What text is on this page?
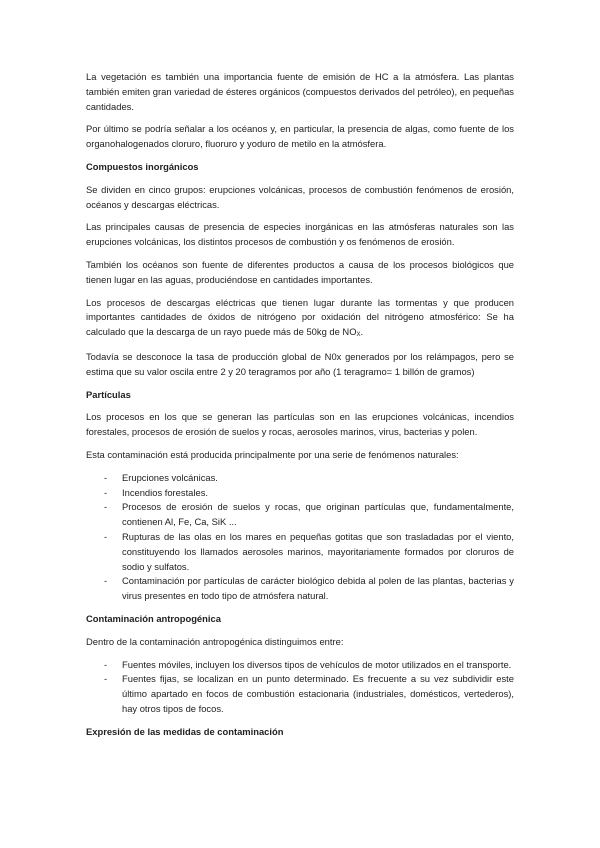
La vegetación es también una importancia fuente de emisión de HC a la atmósfera. Las plantas también emiten gran variedad de ésteres orgánicos (compuestos derivados del petróleo), en pequeñas cantidades.

Por último se podría señalar a los océanos y, en particular, la presencia de algas, como fuente de los organohalogenados cloruro, fluoruro y yoduro de metilo en la atmósfera.

Compuestos inorgánicos

Se dividen en cinco grupos: erupciones volcánicas, procesos de combustión fenómenos de erosión, océanos y descargas eléctricas.

Las principales causas de presencia de especies inorgánicas en las atmósferas naturales son las erupciones volcánicas, los distintos procesos de combustión y os fenómenos de erosión.

También los océanos son fuente de diferentes productos a causa de los procesos biológicos que tienen lugar en las aguas, produciéndose en cantidades importantes.

Los procesos de descargas eléctricas que tienen lugar durante las tormentas y que producen importantes cantidades de óxidos de nitrógeno por oxidación del nitrógeno atmosférico: Se ha calculado que la descarga de un rayo puede más de 50kg de $NO_X$.

Todavía se desconoce la tasa de producción global de N0x generados por los relámpagos, pero se estima que su valor oscila entre 2 y 20 teragramos por año (1 teragramo= 1 billón de gramos)

Partículas

Los procesos en los que se generan las partículas son en las erupciones volcánicas, incendios forestales, procesos de erosión de suelos y rocas, aerosoles marinos, virus, bacterias y polen.

Esta contaminación está producida principalmente por una serie de fenómenos naturales:

- Erupciones volcánicas.
- Incendios forestales.
- Procesos de erosión de suelos y rocas, que originan partículas que, fundamentalmente, contienen Al, Fe, Ca, SiK ...
- Rupturas de las olas en los mares en pequeñas gotitas que son trasladadas por el viento, constituyendo los llamados aerosoles marinos, mayoritariamente formados por cloruros de sodio y sulfatos.
- Contaminación por partículas de carácter biológico debida al polen de las plantas, bacterias y virus presentes en todo tipo de atmósfera natural.
Contaminación antropogénica

Dentro de la contaminación antropogénica distinguimos entre:

- Fuentes móviles, incluyen los diversos tipos de vehículos de motor utilizados en el transporte.
- Fuentes fijas, se localizan en un punto determinado. Es frecuente a su vez subdividir este último apartado en focos de combustión estacionaria (industriales, domésticos, vertederos), hay otros tipos de focos.
Expresión de las medidas de contaminación
